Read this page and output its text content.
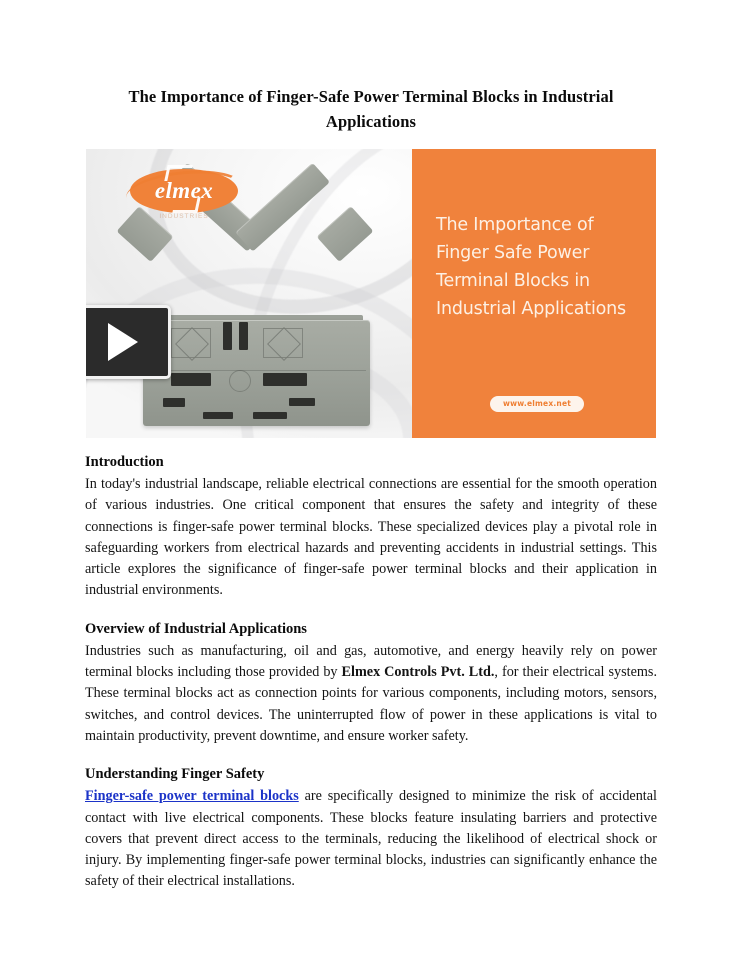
The Importance of Finger-Safe Power Terminal Blocks in Industrial Applications
elmex
INDUSTRIES	The Importance of Finger Safe Power Terminal Blocks in Industrial Applications
www.elmex.net
Introduction

In today's industrial landscape, reliable electrical connections are essential for the smooth operation of various industries. One critical component that ensures the safety and integrity of these connections is finger-safe power terminal blocks. These specialized devices play a pivotal role in safeguarding workers from electrical hazards and preventing accidents in industrial settings. This article explores the significance of finger-safe power terminal blocks and their application in industrial environments.

Overview of Industrial Applications

Industries such as manufacturing, oil and gas, automotive, and energy heavily rely on power terminal blocks including those provided by Elmex Controls Pvt. Ltd., for their electrical systems. These terminal blocks act as connection points for various components, including motors, sensors, switches, and control devices. The uninterrupted flow of power in these applications is vital to maintain productivity, prevent downtime, and ensure worker safety.

Understanding Finger Safety

Finger-safe power terminal blocks are specifically designed to minimize the risk of accidental contact with live electrical components. These blocks feature insulating barriers and protective covers that prevent direct access to the terminals, reducing the likelihood of electrical shock or injury. By implementing finger-safe power terminal blocks, industries can significantly enhance the safety of their electrical installations.
